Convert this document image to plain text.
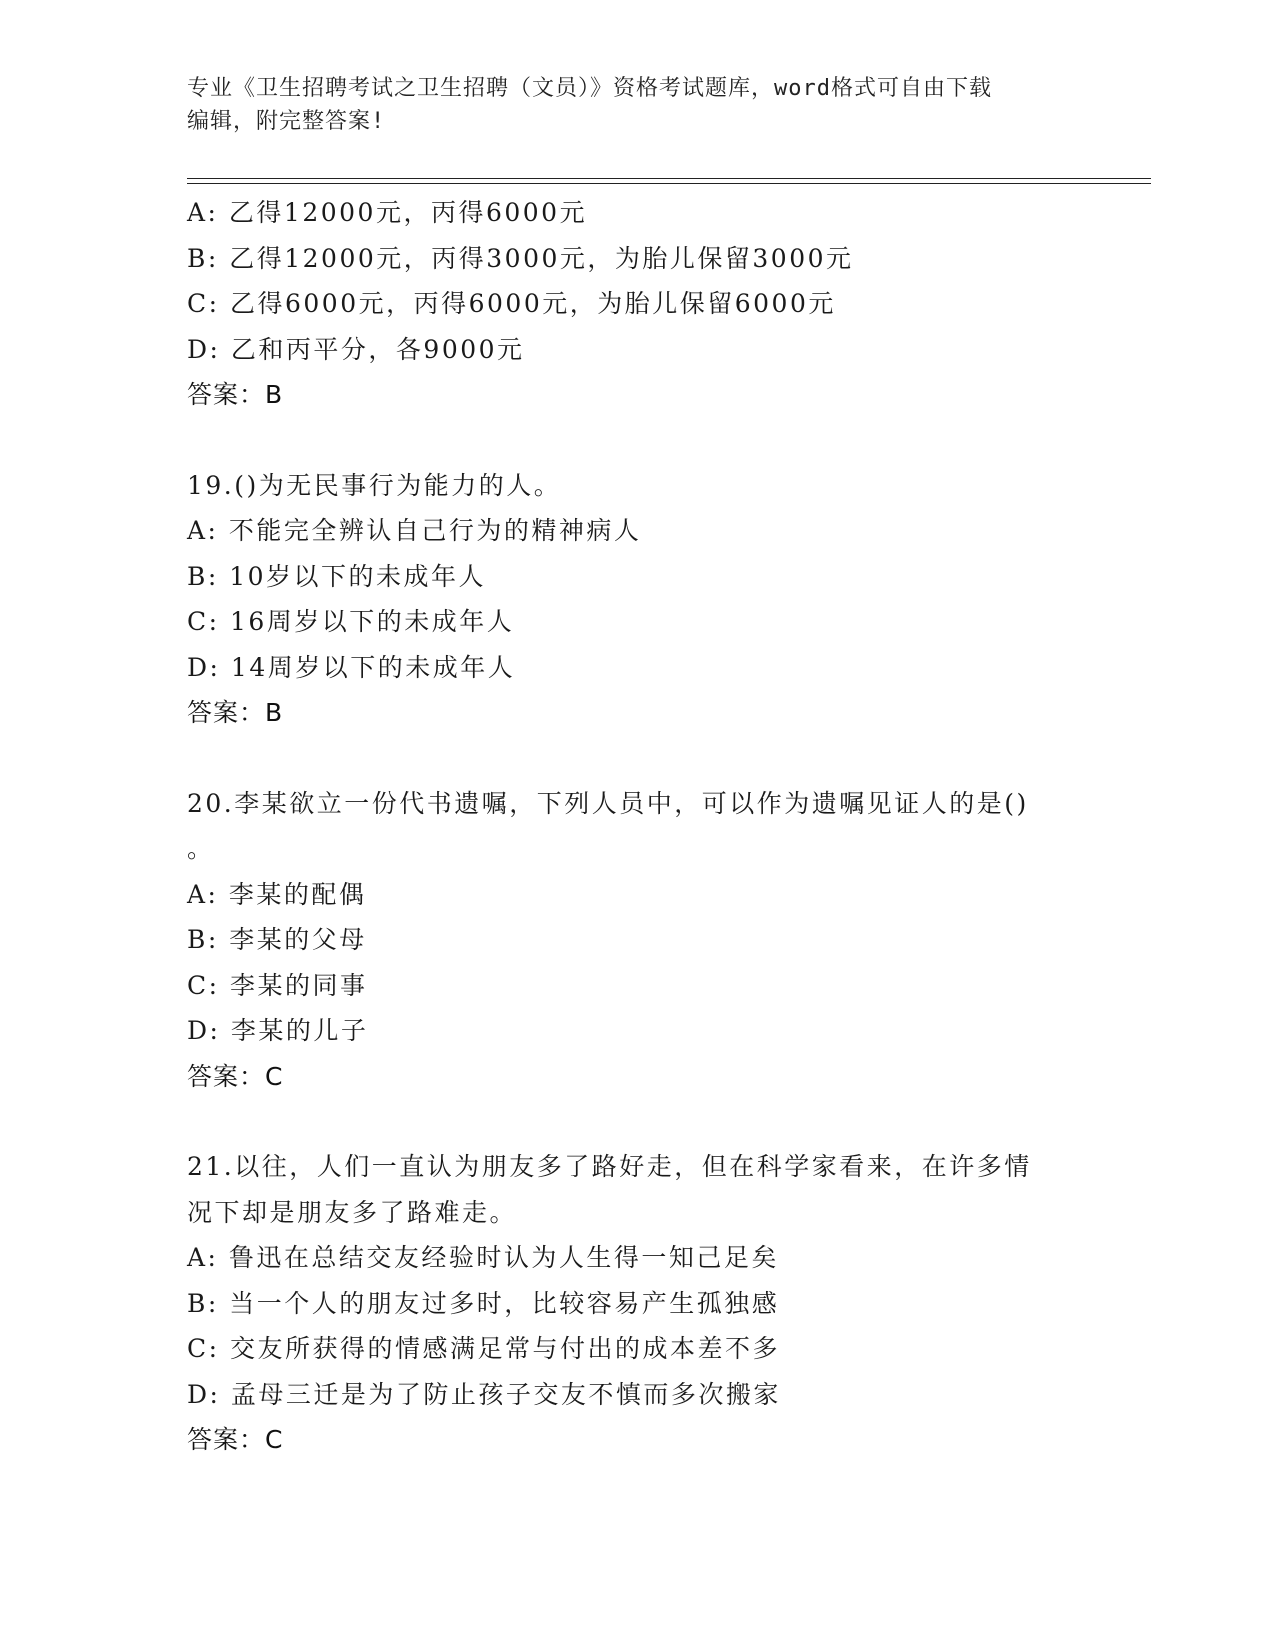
专业《卫生招聘考试之卫生招聘（文员）》资格考试题库，word格式可自由下载
编辑，附完整答案!
A: 乙得12000元，丙得6000元
B: 乙得12000元，丙得3000元，为胎儿保留3000元
C: 乙得6000元，丙得6000元，为胎儿保留6000元
D: 乙和丙平分，各9000元
答案：B
19.()为无民事行为能力的人。
A: 不能完全辨认自己行为的精神病人
B: 10岁以下的未成年人
C: 16周岁以下的未成年人
D: 14周岁以下的未成年人
答案：B
20.李某欲立一份代书遗嘱，下列人员中，可以作为遗嘱见证人的是()
。
A: 李某的配偶
B: 李某的父母
C: 李某的同事
D: 李某的儿子
答案：C
21.以往，人们一直认为朋友多了路好走，但在科学家看来，在许多情
况下却是朋友多了路难走。
A: 鲁迅在总结交友经验时认为人生得一知己足矣
B: 当一个人的朋友过多时，比较容易产生孤独感
C: 交友所获得的情感满足常与付出的成本差不多
D: 孟母三迁是为了防止孩子交友不慎而多次搬家
答案：C
